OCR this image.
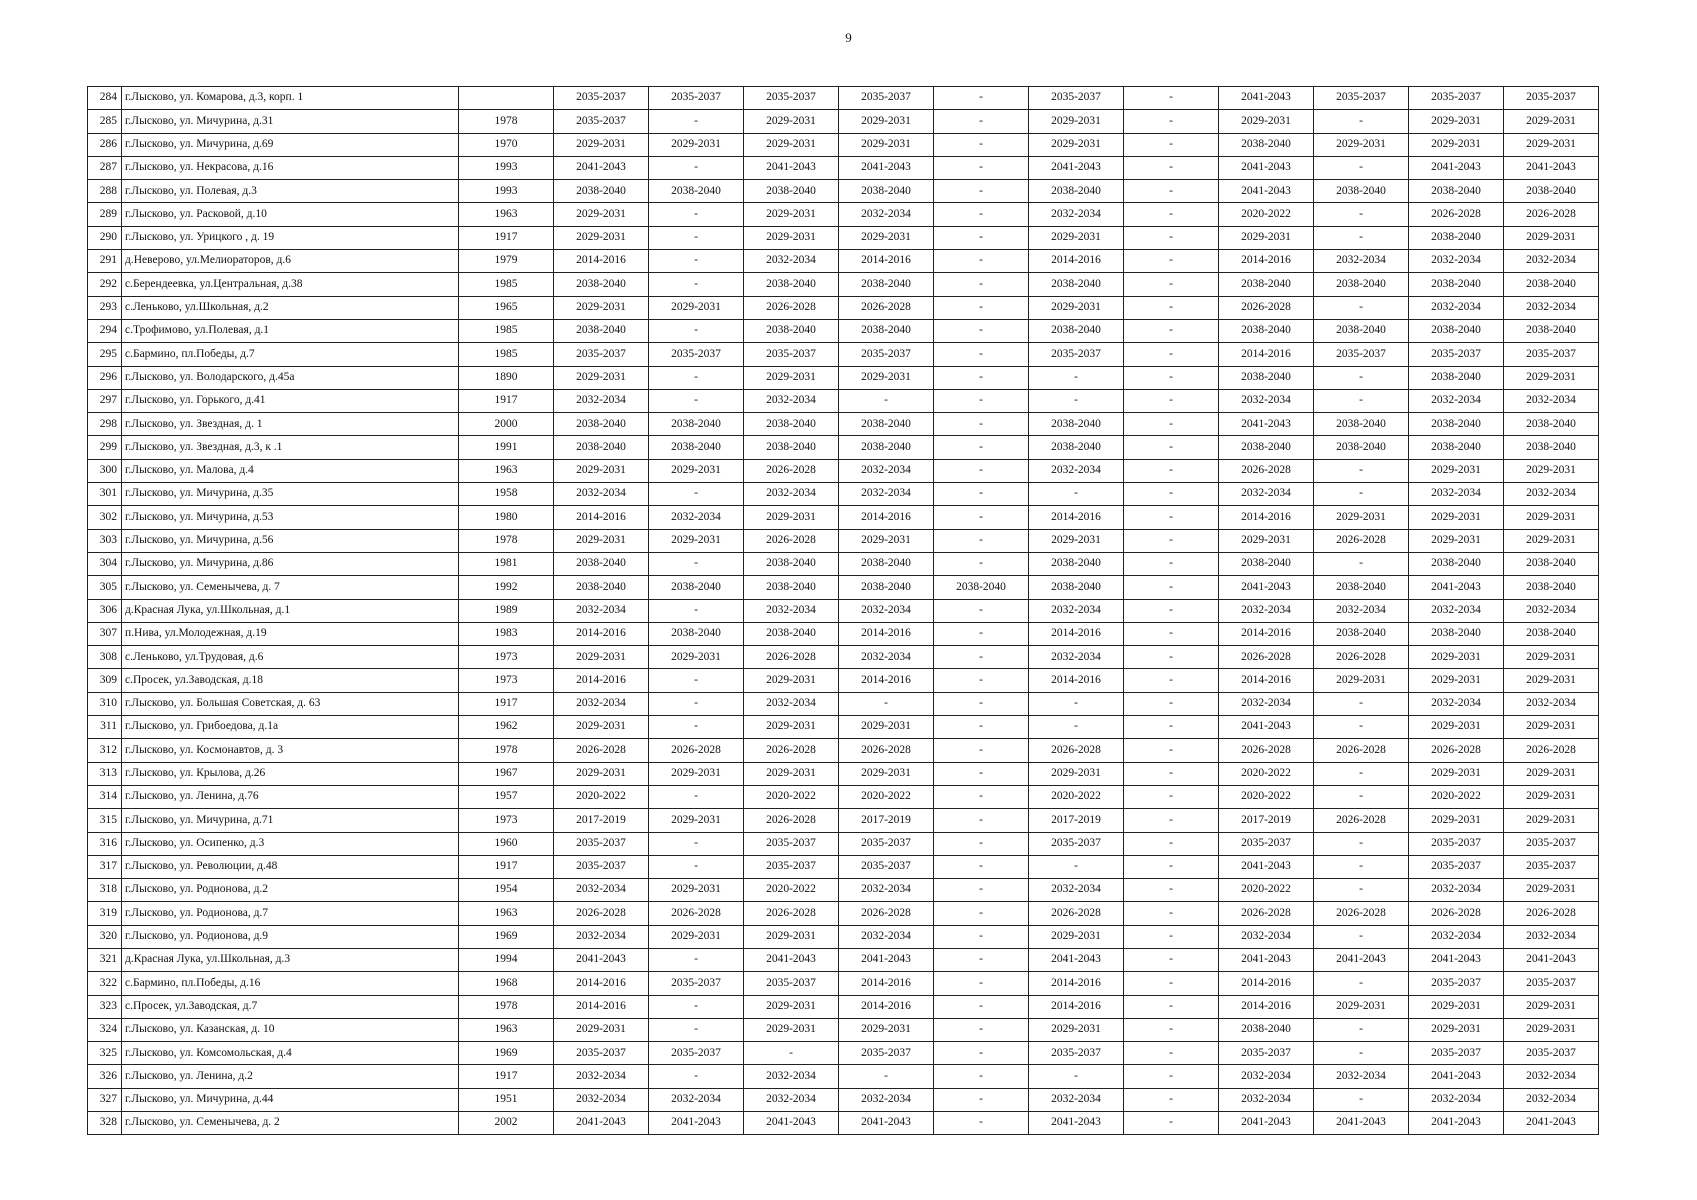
9
284	г.Лысково, ул. Комарова, д.3, корп. 1		2035-2037	2035-2037	2035-2037	2035-2037	-	2035-2037	-	2041-2043	2035-2037	2035-2037	2035-2037
285	г.Лысково, ул. Мичурина, д.31	1978	2035-2037	-	2029-2031	2029-2031	-	2029-2031	-	2029-2031	-	2029-2031	2029-2031
286	г.Лысково, ул. Мичурина, д.69	1970	2029-2031	2029-2031	2029-2031	2029-2031	-	2029-2031	-	2038-2040	2029-2031	2029-2031	2029-2031
287	г.Лысково, ул. Некрасова, д.16	1993	2041-2043	-	2041-2043	2041-2043	-	2041-2043	-	2041-2043	-	2041-2043	2041-2043
288	г.Лысково, ул. Полевая, д.3	1993	2038-2040	2038-2040	2038-2040	2038-2040	-	2038-2040	-	2041-2043	2038-2040	2038-2040	2038-2040
289	г.Лысково, ул. Расковой, д.10	1963	2029-2031	-	2029-2031	2032-2034	-	2032-2034	-	2020-2022	-	2026-2028	2026-2028
290	г.Лысково, ул. Урицкого , д. 19	1917	2029-2031	-	2029-2031	2029-2031	-	2029-2031	-	2029-2031	-	2038-2040	2029-2031
291	д.Неверово, ул.Мелиораторов, д.6	1979	2014-2016	-	2032-2034	2014-2016	-	2014-2016	-	2014-2016	2032-2034	2032-2034	2032-2034
292	с.Берендеевка, ул.Центральная, д.38	1985	2038-2040	-	2038-2040	2038-2040	-	2038-2040	-	2038-2040	2038-2040	2038-2040	2038-2040
293	с.Леньково, ул.Школьная, д.2	1965	2029-2031	2029-2031	2026-2028	2026-2028	-	2029-2031	-	2026-2028	-	2032-2034	2032-2034
294	с.Трофимово, ул.Полевая, д.1	1985	2038-2040	-	2038-2040	2038-2040	-	2038-2040	-	2038-2040	2038-2040	2038-2040	2038-2040
295	с.Бармино, пл.Победы, д.7	1985	2035-2037	2035-2037	2035-2037	2035-2037	-	2035-2037	-	2014-2016	2035-2037	2035-2037	2035-2037
296	г.Лысково, ул. Володарского, д.45а	1890	2029-2031	-	2029-2031	2029-2031	-	-	-	2038-2040	-	2038-2040	2029-2031
297	г.Лысково, ул. Горького, д.41	1917	2032-2034	-	2032-2034	-	-	-	-	2032-2034	-	2032-2034	2032-2034
298	г.Лысково, ул. Звездная, д. 1	2000	2038-2040	2038-2040	2038-2040	2038-2040	-	2038-2040	-	2041-2043	2038-2040	2038-2040	2038-2040
299	г.Лысково, ул. Звездная, д.3, к .1	1991	2038-2040	2038-2040	2038-2040	2038-2040	-	2038-2040	-	2038-2040	2038-2040	2038-2040	2038-2040
300	г.Лысково, ул. Малова, д.4	1963	2029-2031	2029-2031	2026-2028	2032-2034	-	2032-2034	-	2026-2028	-	2029-2031	2029-2031
301	г.Лысково, ул. Мичурина, д.35	1958	2032-2034	-	2032-2034	2032-2034	-	-	-	2032-2034	-	2032-2034	2032-2034
302	г.Лысково, ул. Мичурина, д.53	1980	2014-2016	2032-2034	2029-2031	2014-2016	-	2014-2016	-	2014-2016	2029-2031	2029-2031	2029-2031
303	г.Лысково, ул. Мичурина, д.56	1978	2029-2031	2029-2031	2026-2028	2029-2031	-	2029-2031	-	2029-2031	2026-2028	2029-2031	2029-2031
304	г.Лысково, ул. Мичурина, д.86	1981	2038-2040	-	2038-2040	2038-2040	-	2038-2040	-	2038-2040	-	2038-2040	2038-2040
305	г.Лысково, ул. Семенычева, д. 7	1992	2038-2040	2038-2040	2038-2040	2038-2040	2038-2040	2038-2040	-	2041-2043	2038-2040	2041-2043	2038-2040
306	д.Красная Лука, ул.Школьная, д.1	1989	2032-2034	-	2032-2034	2032-2034	-	2032-2034	-	2032-2034	2032-2034	2032-2034	2032-2034
307	п.Нива, ул.Молодежная, д.19	1983	2014-2016	2038-2040	2038-2040	2014-2016	-	2014-2016	-	2014-2016	2038-2040	2038-2040	2038-2040
308	с.Леньково, ул.Трудовая, д.6	1973	2029-2031	2029-2031	2026-2028	2032-2034	-	2032-2034	-	2026-2028	2026-2028	2029-2031	2029-2031
309	с.Просек, ул.Заводская, д.18	1973	2014-2016	-	2029-2031	2014-2016	-	2014-2016	-	2014-2016	2029-2031	2029-2031	2029-2031
310	г.Лысково, ул. Большая Советская, д. 63	1917	2032-2034	-	2032-2034	-	-	-	-	2032-2034	-	2032-2034	2032-2034
311	г.Лысково, ул. Грибоедова, д.1а	1962	2029-2031	-	2029-2031	2029-2031	-	-	-	2041-2043	-	2029-2031	2029-2031
312	г.Лысково, ул. Космонавтов, д. 3	1978	2026-2028	2026-2028	2026-2028	2026-2028	-	2026-2028	-	2026-2028	2026-2028	2026-2028	2026-2028
313	г.Лысково, ул. Крылова, д.26	1967	2029-2031	2029-2031	2029-2031	2029-2031	-	2029-2031	-	2020-2022	-	2029-2031	2029-2031
314	г.Лысково, ул. Ленина, д.76	1957	2020-2022	-	2020-2022	2020-2022	-	2020-2022	-	2020-2022	-	2020-2022	2029-2031
315	г.Лысково, ул. Мичурина, д.71	1973	2017-2019	2029-2031	2026-2028	2017-2019	-	2017-2019	-	2017-2019	2026-2028	2029-2031	2029-2031
316	г.Лысково, ул. Осипенко, д.3	1960	2035-2037	-	2035-2037	2035-2037	-	2035-2037	-	2035-2037	-	2035-2037	2035-2037
317	г.Лысково, ул. Революции, д.48	1917	2035-2037	-	2035-2037	2035-2037	-	-	-	2041-2043	-	2035-2037	2035-2037
318	г.Лысково, ул. Родионова, д.2	1954	2032-2034	2029-2031	2020-2022	2032-2034	-	2032-2034	-	2020-2022	-	2032-2034	2029-2031
319	г.Лысково, ул. Родионова, д.7	1963	2026-2028	2026-2028	2026-2028	2026-2028	-	2026-2028	-	2026-2028	2026-2028	2026-2028	2026-2028
320	г.Лысково, ул. Родионова, д.9	1969	2032-2034	2029-2031	2029-2031	2032-2034	-	2029-2031	-	2032-2034	-	2032-2034	2032-2034
321	д.Красная Лука, ул.Школьная, д.3	1994	2041-2043	-	2041-2043	2041-2043	-	2041-2043	-	2041-2043	2041-2043	2041-2043	2041-2043
322	с.Бармино, пл.Победы, д.16	1968	2014-2016	2035-2037	2035-2037	2014-2016	-	2014-2016	-	2014-2016	-	2035-2037	2035-2037
323	с.Просек, ул.Заводская, д.7	1978	2014-2016	-	2029-2031	2014-2016	-	2014-2016	-	2014-2016	2029-2031	2029-2031	2029-2031
324	г.Лысково, ул. Казанская, д. 10	1963	2029-2031	-	2029-2031	2029-2031	-	2029-2031	-	2038-2040	-	2029-2031	2029-2031
325	г.Лысково, ул. Комсомольская, д.4	1969	2035-2037	2035-2037	-	2035-2037	-	2035-2037	-	2035-2037	-	2035-2037	2035-2037
326	г.Лысково, ул. Ленина, д.2	1917	2032-2034	-	2032-2034	-	-	-	-	2032-2034	2032-2034	2041-2043	2032-2034
327	г.Лысково, ул. Мичурина, д.44	1951	2032-2034	2032-2034	2032-2034	2032-2034	-	2032-2034	-	2032-2034	-	2032-2034	2032-2034
328	г.Лысково, ул. Семенычева, д. 2	2002	2041-2043	2041-2043	2041-2043	2041-2043	-	2041-2043	-	2041-2043	2041-2043	2041-2043	2041-2043
